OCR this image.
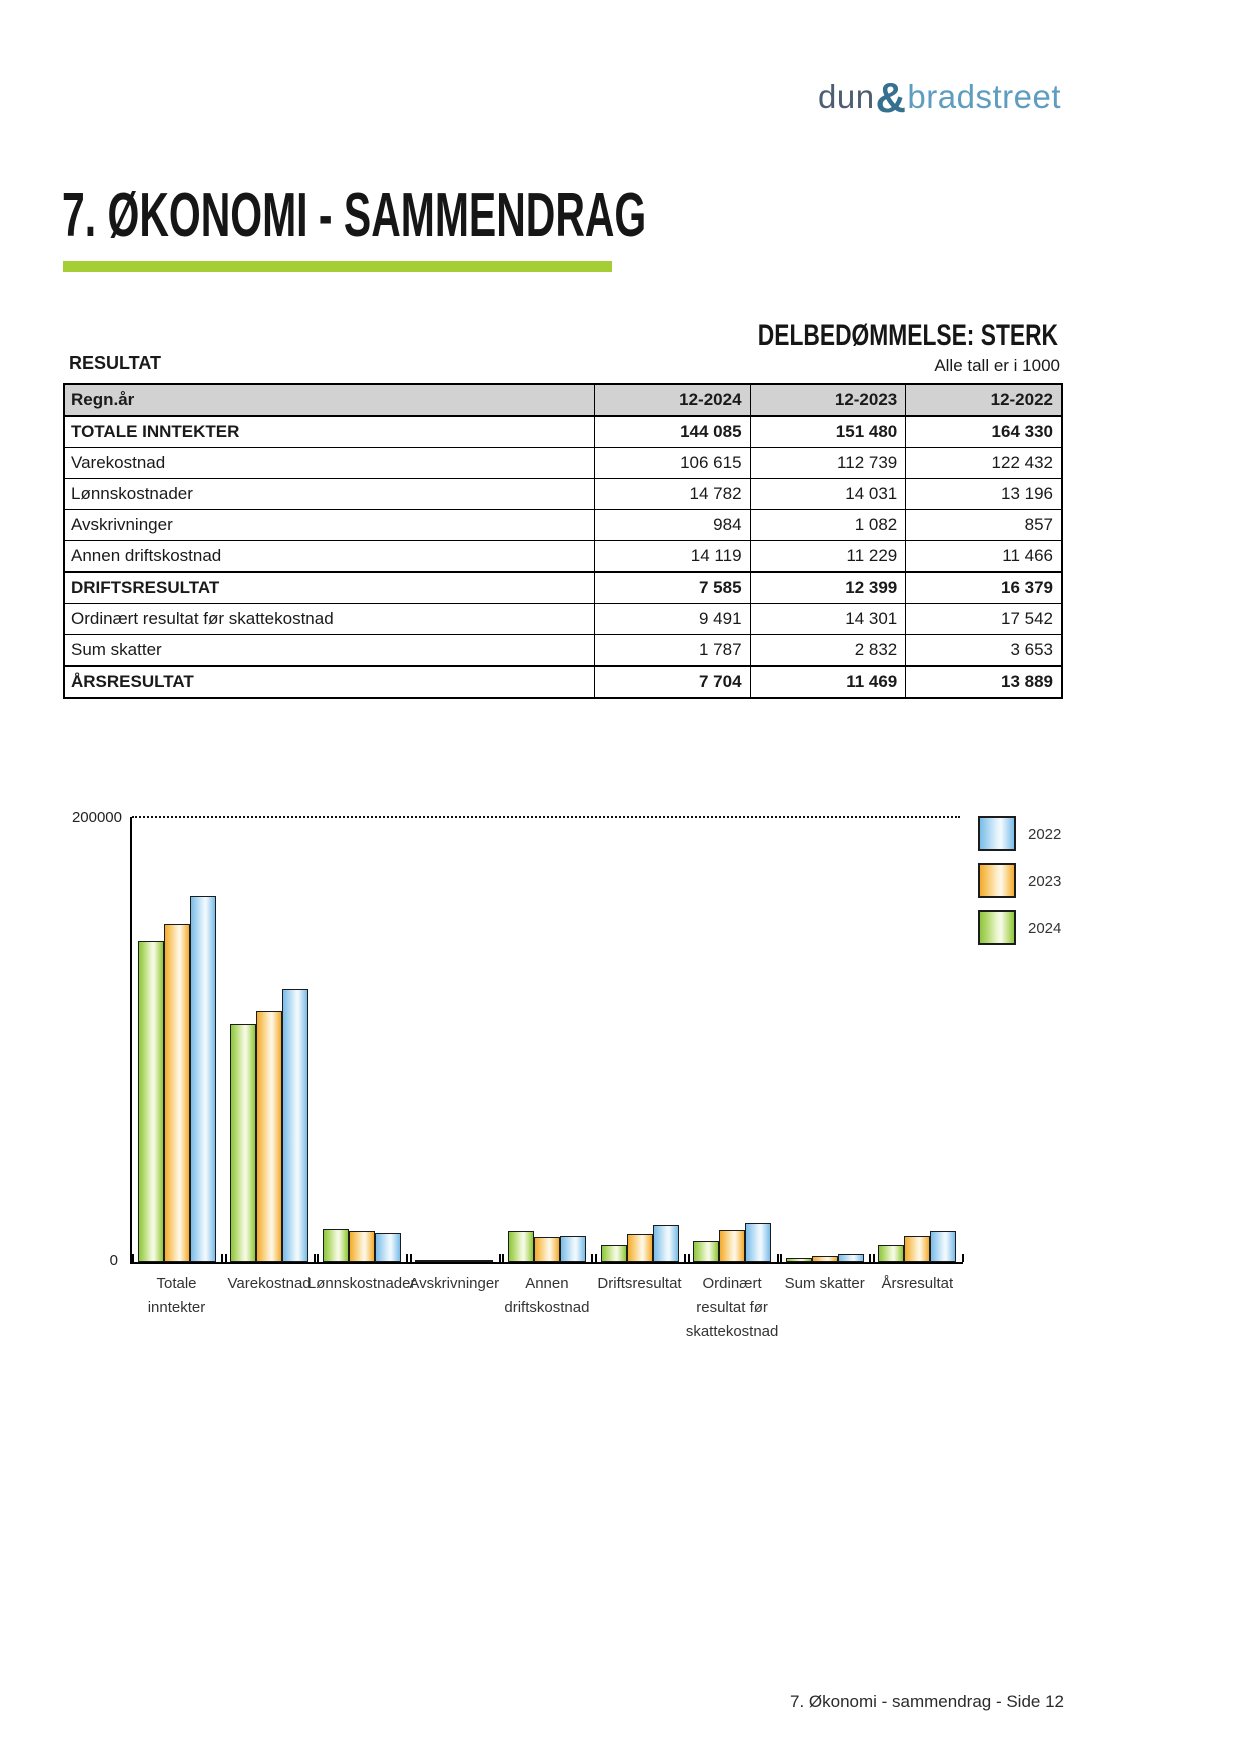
dun&bradstreet
7. ØKONOMI - SAMMENDRAG
DELBEDØMMELSE: STERK
RESULTAT	Alle tall er i 1000
Regn.år	12-2024	12-2023	12-2022
TOTALE INNTEKTER	144 085	151 480	164 330
Varekostnad	106 615	112 739	122 432
Lønnskostnader	14 782	14 031	13 196
Avskrivninger	984	1 082	857
Annen driftskostnad	14 119	11 229	11 466
DRIFTSRESULTAT	7 585	12 399	16 379
Ordinært resultat før skattekostnad	9 491	14 301	17 542
Sum skatter	1 787	2 832	3 653
ÅRSRESULTAT	7 704	11 469	13 889
200000
0
Totale
inntekter
Varekostnad
Lønnskostnader
Avskrivninger Annen
driftskostnad
Driftsresultat Ordinært
resultat før
skattekostnad
Sum skatter Årsresultat
2022
2023
2024
7. Økonomi - sammendrag - Side 12
